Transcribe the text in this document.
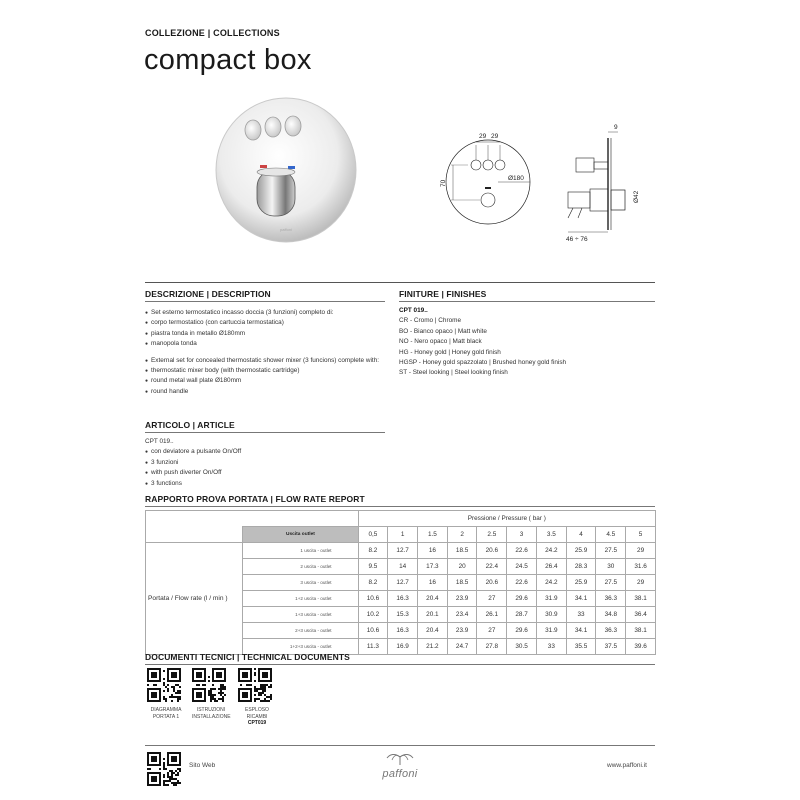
COLLEZIONE | COLLECTIONS
compact box
paffoni
29 29
70
Ø180
9
Ø42
46 ÷ 76
DESCRIZIONE | DESCRIPTION
● Set esterno termostatico incasso doccia (3 funzioni) completo di:
● corpo termostatico (con cartuccia termostatica)
● piastra tonda in metallo Ø180mm
● manopola tonda
● External set for concealed thermostatic shower mixer (3 funcions) complete with:
● thermostatic mixer body (with thermostatic cartridge)
● round metal wall plate Ø180mm
● round handle
FINITURE | FINISHES
CPT 019..
CR - Cromo | Chrome
BO - Bianco opaco | Matt white
NO - Nero opaco | Matt black
HG - Honey gold | Honey gold finish
HGSP - Honey gold spazzolato | Brushed honey gold finish
ST - Steel looking | Steel looking finish
ARTICOLO | ARTICLE
CPT 019..
● con deviatore a pulsante On/Off
● 3 funzioni
● with push diverter On/Off
● 3 functions
RAPPORTO PROVA PORTATA | FLOW RATE REPORT
		Pressione / Pressure ( bar )									
	Uscita outlet	0,5	1	1.5	2	2.5	3	3.5	4	4.5	5
Portata / Flow rate (l / min )	1 uscita - outlet	8.2	12.7	16	18.5	20.6	22.6	24.2	25.9	27.5	29
	2 uscita - outlet	9.5	14	17.3	20	22.4	24.5	26.4	28.3	30	31.6
	3 uscita - outlet	8.2	12.7	16	18.5	20.6	22.6	24.2	25.9	27.5	29
	1+2 uscita - outlet	10.6	16.3	20.4	23.9	27	29.6	31.9	34.1	36.3	38.1
	1+3 uscita - outlet	10.2	15.3	20.1	23.4	26.1	28.7	30.9	33	34.8	36.4
	2+3 uscita - outlet	10.6	16.3	20.4	23.9	27	29.6	31.9	34.1	36.3	38.1
	1+2+3 uscita - outlet	11.3	16.9	21.2	24.7	27.8	30.5	33	35.5	37.5	39.6
DOCUMENTI TECNICI | TECHNICAL DOCUMENTS
DIAGRAMMA
PORTATA 1
ISTRUZIONI
INSTALLAZIONE
ESPLOSO
RICAMBI
CPT019
Sito Web
paffoni
www.paffoni.it
